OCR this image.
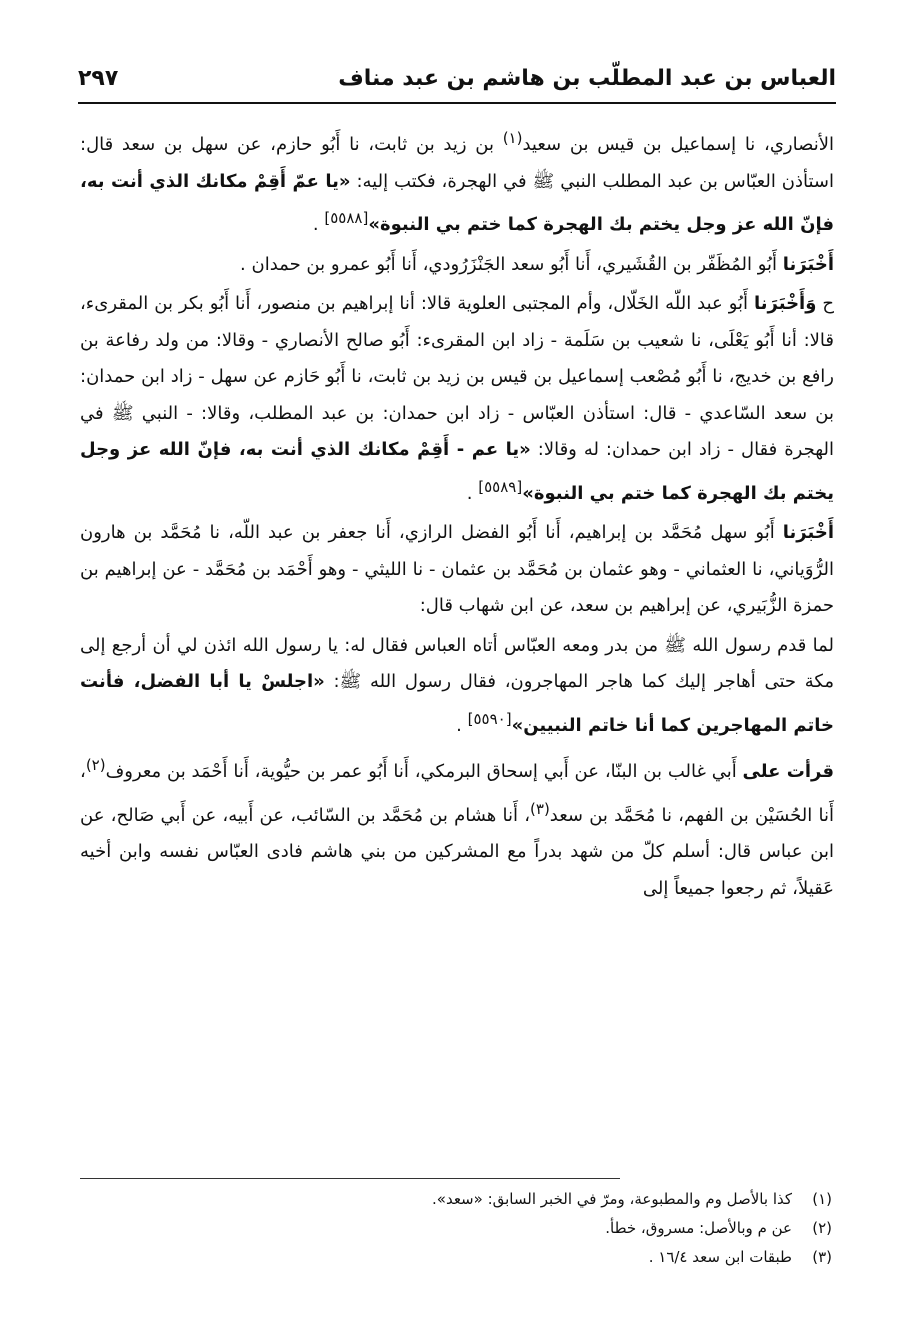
العباس بن عبد المطلّب بن هاشم بن عبد مناف
٢٩٧

الأنصاري، نا إسماعيل بن قيس بن سعيد$^{(١)}$ بن زيد بن ثابت، نا أَبُو حازم، عن سهل بن سعد قال: استأذن العبّاس بن عبد المطلب النبي ﷺ في الهجرة، فكتب إليه: «يا عمّ أَقِمْ مكانك الذي أنت به، فإنّ الله عز وجل يختم بك الهجرة كما ختم بي النبوة»[٥٥٨٨] .

أَخْبَرَنا أَبُو المُظَفّر بن القُشَيري، أَنا أَبُو سعد الجَنْزَرُودي، أَنا أَبُو عمرو بن حمدان .

ح وَأَخْبَرَنا أَبُو عبد اللّه الخَلّال، وأم المجتبى العلوية قالا: أنا إبراهيم بن منصور، أَنا أَبُو بكر بن المقرىء، قالا: أنا أَبُو يَعْلَى، نا شعيب بن سَلَمة - زاد ابن المقرىء: أَبُو صالح الأنصاري - وقالا: من ولد رفاعة بن رافع بن خديج، نا أَبُو مُصْعب إسماعيل بن قيس بن زيد بن ثابت، نا أَبُو حَازم عن سهل - زاد ابن حمدان: بن سعد السّاعدي - قال: استأذن العبّاس - زاد ابن حمدان: بن عبد المطلب، وقالا: - النبي ﷺ في الهجرة فقال - زاد ابن حمدان: له وقالا: «يا عم - أَقِمْ مكانك الذي أنت به، فإنّ الله عز وجل يختم بك الهجرة كما ختم بي النبوة»[٥٥٨٩] .

أَخْبَرَنا أَبُو سهل مُحَمَّد بن إبراهيم، أَنا أَبُو الفضل الرازي، أَنا جعفر بن عبد اللّه، نا مُحَمَّد بن هارون الرُّوَياني، نا العثماني - وهو عثمان بن مُحَمَّد بن عثمان - نا الليثي - وهو أَحْمَد بن مُحَمَّد - عن إبراهيم بن حمزة الزُّبَيري، عن إبراهيم بن سعد، عن ابن شهاب قال:

لما قدم رسول الله ﷺ من بدر ومعه العبّاس أتاه العباس فقال له: يا رسول الله ائذن لي أن أرجع إلى مكة حتى أهاجر إليك كما هاجر المهاجرون، فقال رسول الله ﷺ: «اجلسْ يا أبا الفضل، فأنت خاتم المهاجرين كما أنا خاتم النبيين»[٥٥٩٠] .

قرأت على أَبي غالب بن البنّا، عن أَبي إسحاق البرمكي، أَنا أَبُو عمر بن حيُّوية، أَنا أَحْمَد بن معروف$^{(٢)}$، أَنا الحُسَيْن بن الفهم، نا مُحَمَّد بن سعد$^{(٣)}$، أَنا هشام بن مُحَمَّد بن السّائب، عن أَبيه، عن أَبي صَالح، عن ابن عباس قال: أسلم كلّ من شهد بدراً مع المشركين من بني هاشم فادى العبّاس نفسه وابن أخيه عَقيلاً، ثم رجعوا جميعاً إلى

(١)
كذا بالأصل وم والمطبوعة، ومرّ في الخبر السابق: «سعد».
(٢)
عن م وبالأصل: مسروق، خطأ.
(٣)
طبقات ابن سعد ١٦/٤ .
